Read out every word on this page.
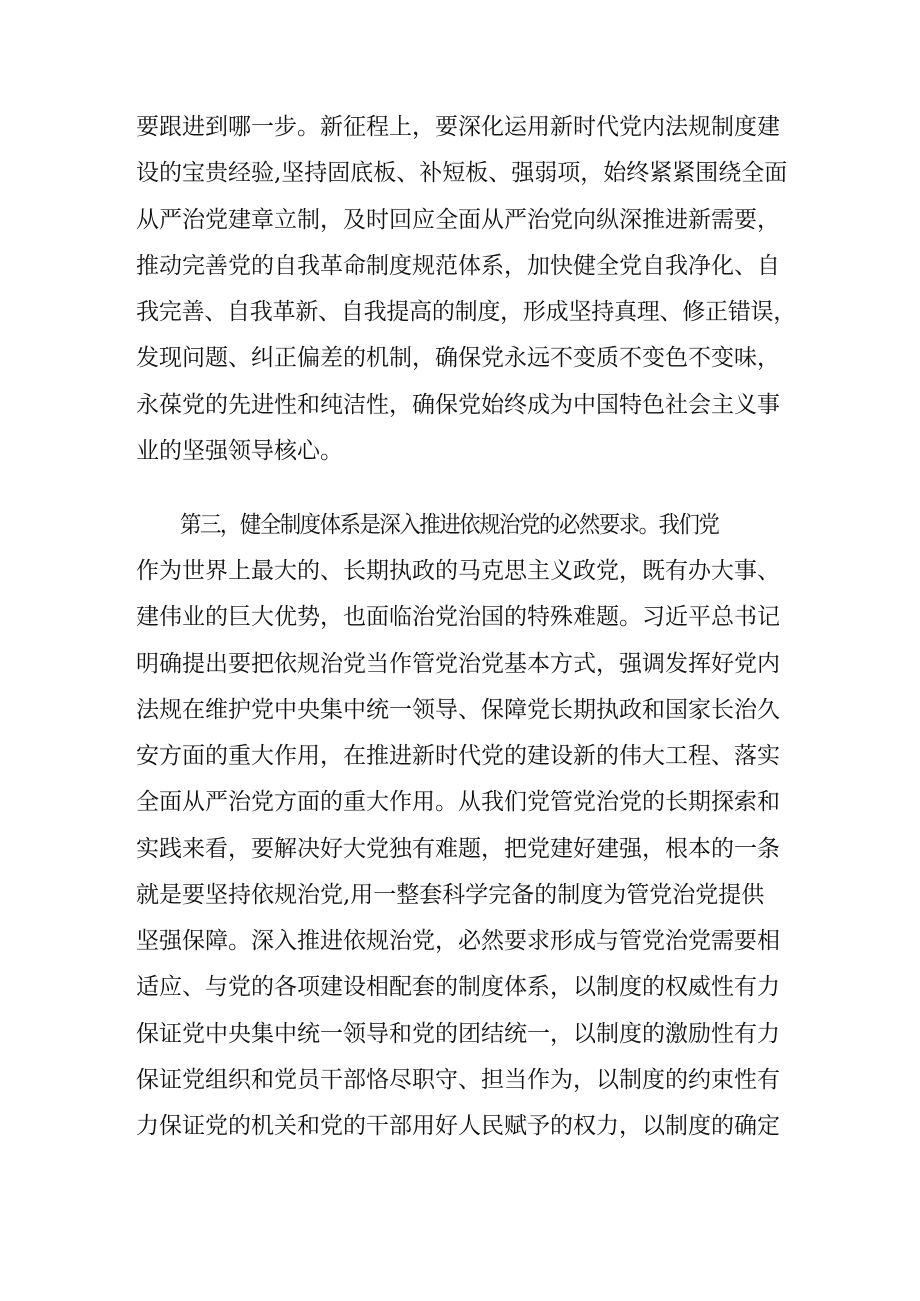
要跟进到哪一步。新征程上，要深化运用新时代党内法规制度建
设的宝贵经验,坚持固底板、补短板、强弱项，始终紧紧围绕全面
从严治党建章立制，及时回应全面从严治党向纵深推进新需要，
推动完善党的自我革命制度规范体系，加快健全党自我净化、自
我完善、自我革新、自我提高的制度，形成坚持真理、修正错误，
发现问题、纠正偏差的机制，确保党永远不变质不变色不变味，
永葆党的先进性和纯洁性，确保党始终成为中国特色社会主义事
业的坚强领导核心。
第三，健全制度体系是深入推进依规治党的必然要求。我们党
作为世界上最大的、长期执政的马克思主义政党，既有办大事、
建伟业的巨大优势，也面临治党治国的特殊难题。习近平总书记
明确提出要把依规治党当作管党治党基本方式，强调发挥好党内
法规在维护党中央集中统一领导、保障党长期执政和国家长治久
安方面的重大作用，在推进新时代党的建设新的伟大工程、落实
全面从严治党方面的重大作用。从我们党管党治党的长期探索和
实践来看，要解决好大党独有难题，把党建好建强，根本的一条
就是要坚持依规治党,用一整套科学完备的制度为管党治党提供
坚强保障。深入推进依规治党，必然要求形成与管党治党需要相
适应、与党的各项建设相配套的制度体系，以制度的权威性有力
保证党中央集中统一领导和党的团结统一，以制度的激励性有力
保证党组织和党员干部恪尽职守、担当作为，以制度的约束性有
力保证党的机关和党的干部用好人民赋予的权力，以制度的确定
